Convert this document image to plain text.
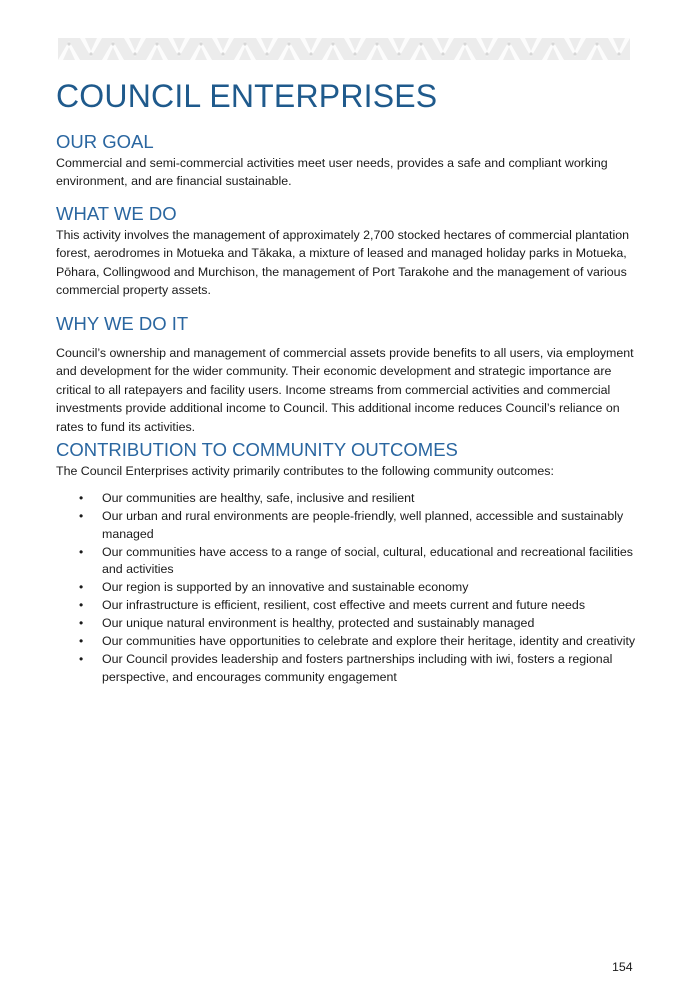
COUNCIL ENTERPRISES
OUR GOAL

Commercial and semi-commercial activities meet user needs, provides a safe and compliant working environment, and are financial sustainable.

WHAT WE DO

This activity involves the management of approximately 2,700 stocked hectares of commercial plantation forest, aerodromes in Motueka and Tākaka, a mixture of leased and managed holiday parks in Motueka, Pōhara, Collingwood and Murchison, the management of Port Tarakohe and the management of various commercial property assets.

WHY WE DO IT

Council’s ownership and management of commercial assets provide benefits to all users, via employment and development for the wider community. Their economic development and strategic importance are critical to all ratepayers and facility users. Income streams from commercial activities and commercial investments provide additional income to Council. This additional income reduces Council’s reliance on rates to fund its activities.

CONTRIBUTION TO COMMUNITY OUTCOMES

The Council Enterprises activity primarily contributes to the following community outcomes:

• Our communities are healthy, safe, inclusive and resilient
• Our urban and rural environments are people-friendly, well planned, accessible and sustainably managed
• Our communities have access to a range of social, cultural, educational and recreational facilities and activities
• Our region is supported by an innovative and sustainable economy
• Our infrastructure is efficient, resilient, cost effective and meets current and future needs
• Our unique natural environment is healthy, protected and sustainably managed
• Our communities have opportunities to celebrate and explore their heritage, identity and creativity
• Our Council provides leadership and fosters partnerships including with iwi, fosters a regional perspective, and encourages community engagement
154
